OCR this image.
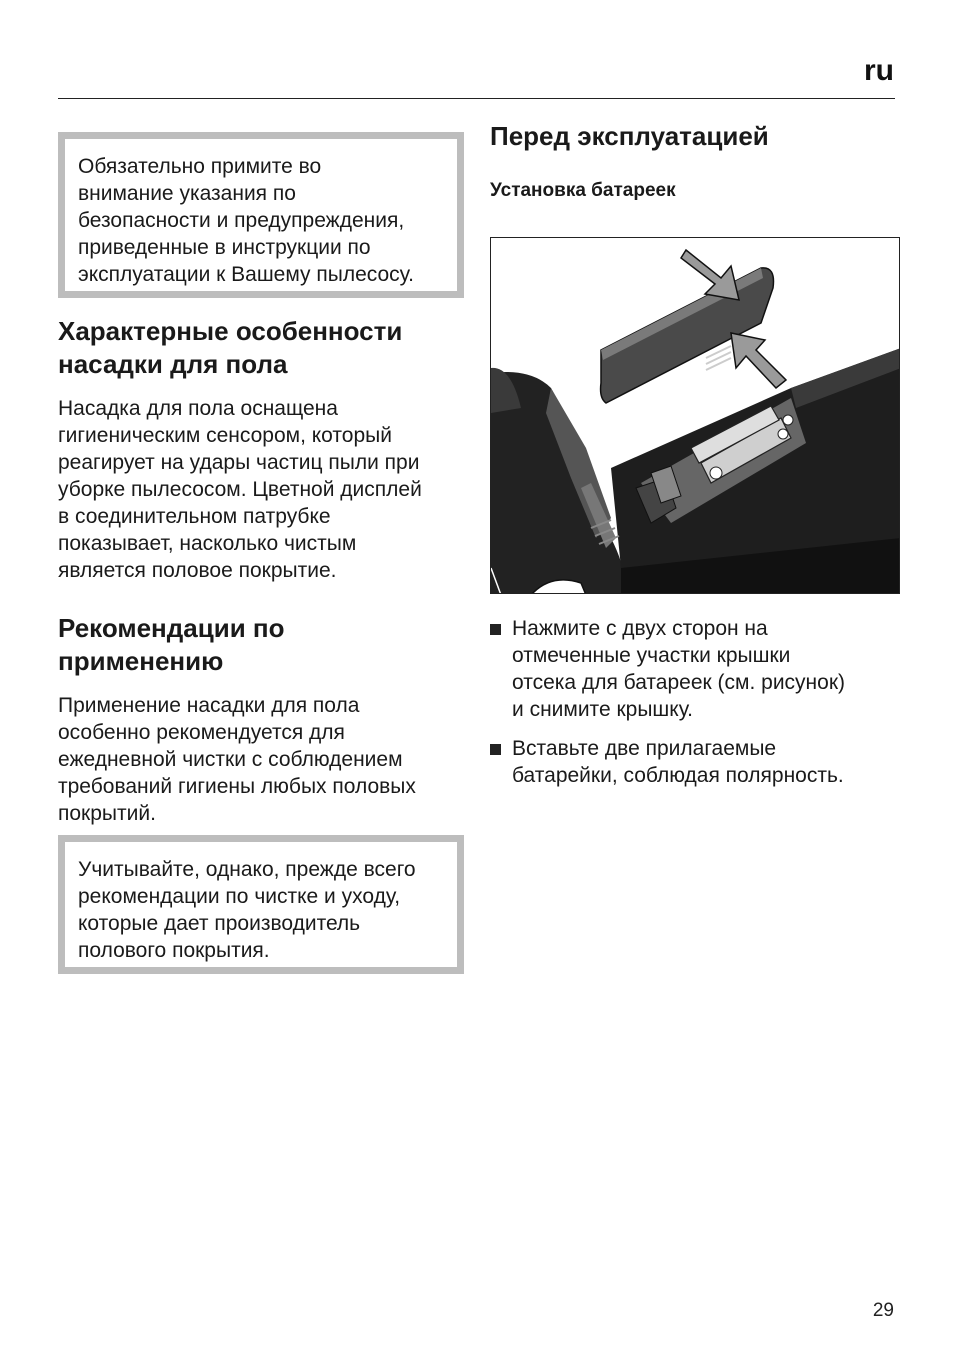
ru

Обязательно примите во

внимание указания по

безопасности и предупреждения,

приведенные в инструкции по

эксплуатации к Вашему пылесосу.

Характерные особенности
насадки для пола

Насадка для пола оснащена

гигиеническим сенсором, который

реагирует на удары частиц пыли при

уборке пылесосом. Цветной дисплей

в соединительном патрубке

показывает, насколько чистым

является половое покрытие.

Рекомендации по
применению

Применение насадки для пола

особенно рекомендуется для

ежедневной чистки с соблюдением

требований гигиены любых половых

покрытий.

Учитывайте, однако, прежде всего

рекомендации по чистке и уходу,

которые дает производитель

полового покрытия.

Перед эксплуатацией

Установка батареек

Нажмите с двух сторон на
отмеченные участки крышки
отсека для батареек (см. рисунок)
и снимите крышку.
Вставьте две прилагаемые
батарейки, соблюдая полярность.
29
